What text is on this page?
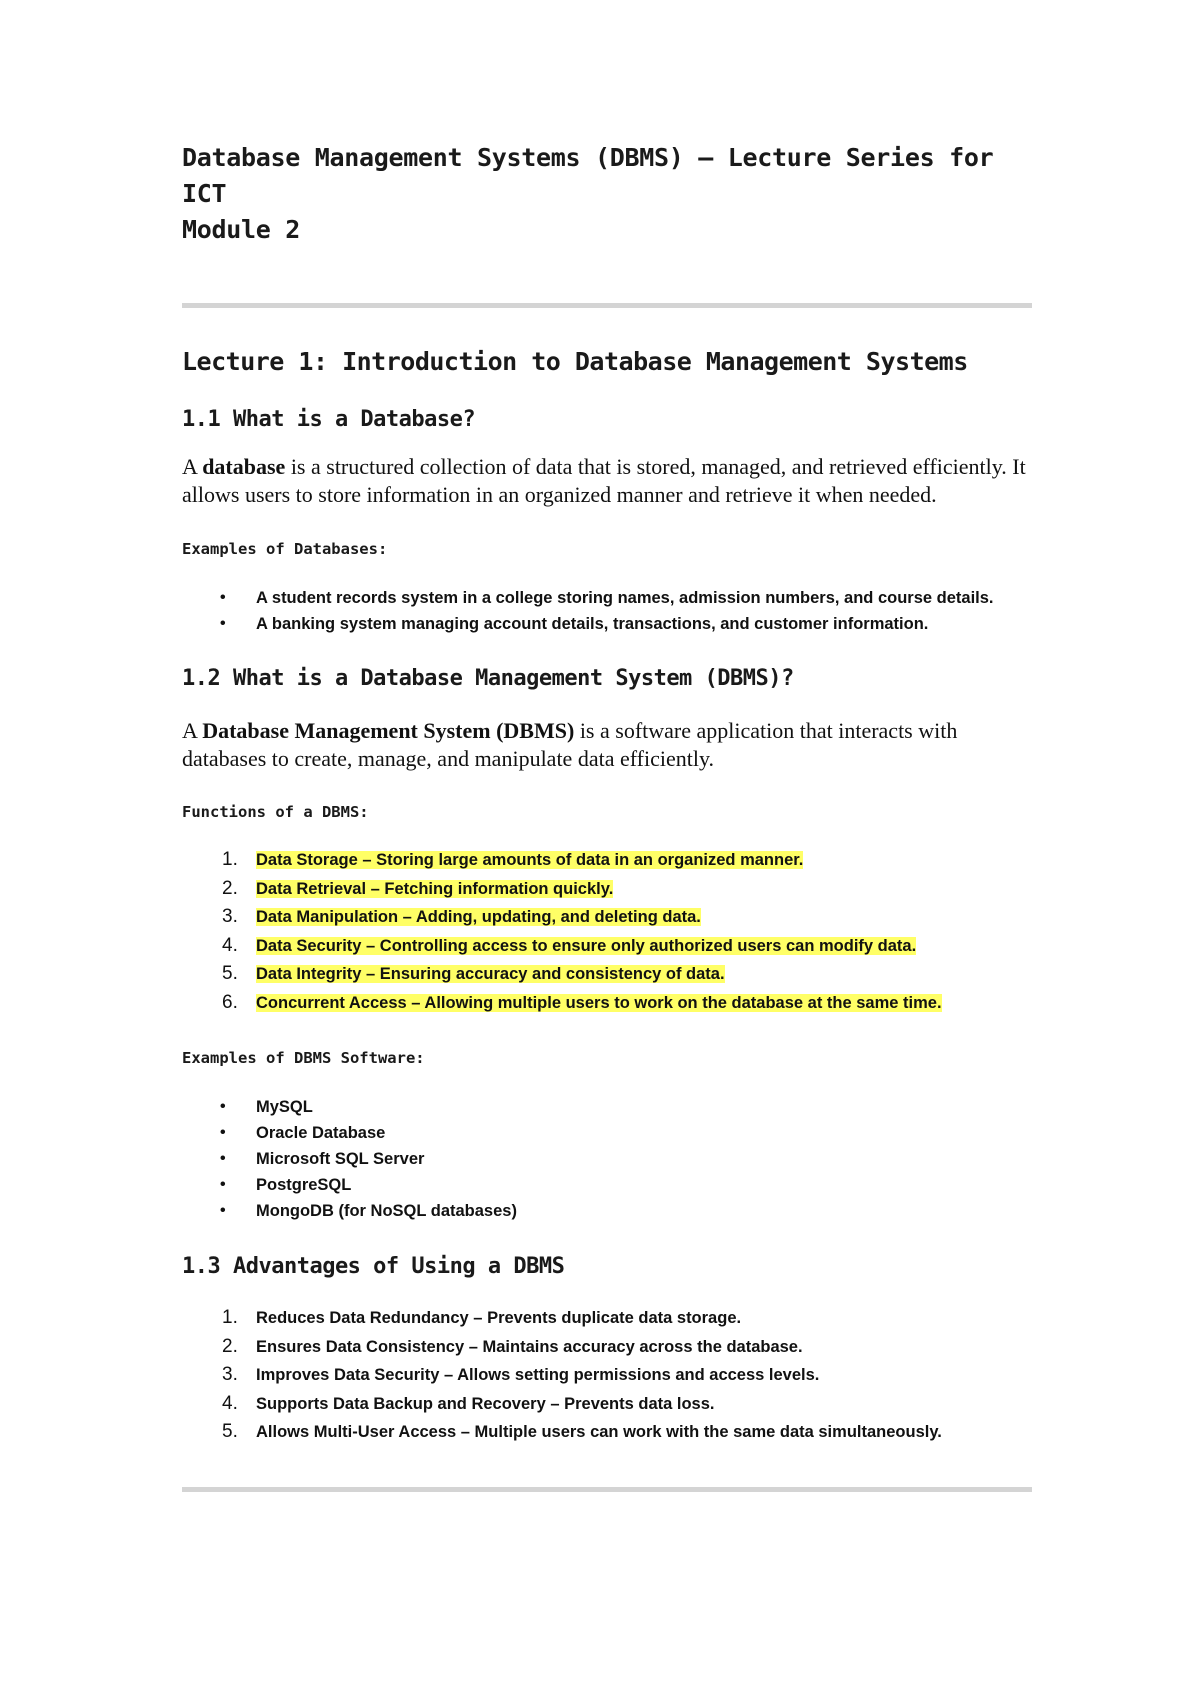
Database Management Systems (DBMS) – Lecture Series for ICT
Module 2
Lecture 1: Introduction to Database Management Systems
1.1 What is a Database?

A database is a structured collection of data that is stored, managed, and retrieved efficiently. It allows users to store information in an organized manner and retrieve it when needed.

Examples of Databases:
• A student records system in a college storing names, admission numbers, and course details.
• A banking system managing account details, transactions, and customer information.
1.2 What is a Database Management System (DBMS)?

A Database Management System (DBMS) is a software application that interacts with databases to create, manage, and manipulate data efficiently.

Functions of a DBMS:
1. Data Storage – Storing large amounts of data in an organized manner.
2. Data Retrieval – Fetching information quickly.
3. Data Manipulation – Adding, updating, and deleting data.
4. Data Security – Controlling access to ensure only authorized users can modify data.
5. Data Integrity – Ensuring accuracy and consistency of data.
6. Concurrent Access – Allowing multiple users to work on the database at the same time.
Examples of DBMS Software:
• MySQL
• Oracle Database
• Microsoft SQL Server
• PostgreSQL
• MongoDB (for NoSQL databases)
1.3 Advantages of Using a DBMS
1. Reduces Data Redundancy – Prevents duplicate data storage.
2. Ensures Data Consistency – Maintains accuracy across the database.
3. Improves Data Security – Allows setting permissions and access levels.
4. Supports Data Backup and Recovery – Prevents data loss.
5. Allows Multi-User Access – Multiple users can work with the same data simultaneously.
